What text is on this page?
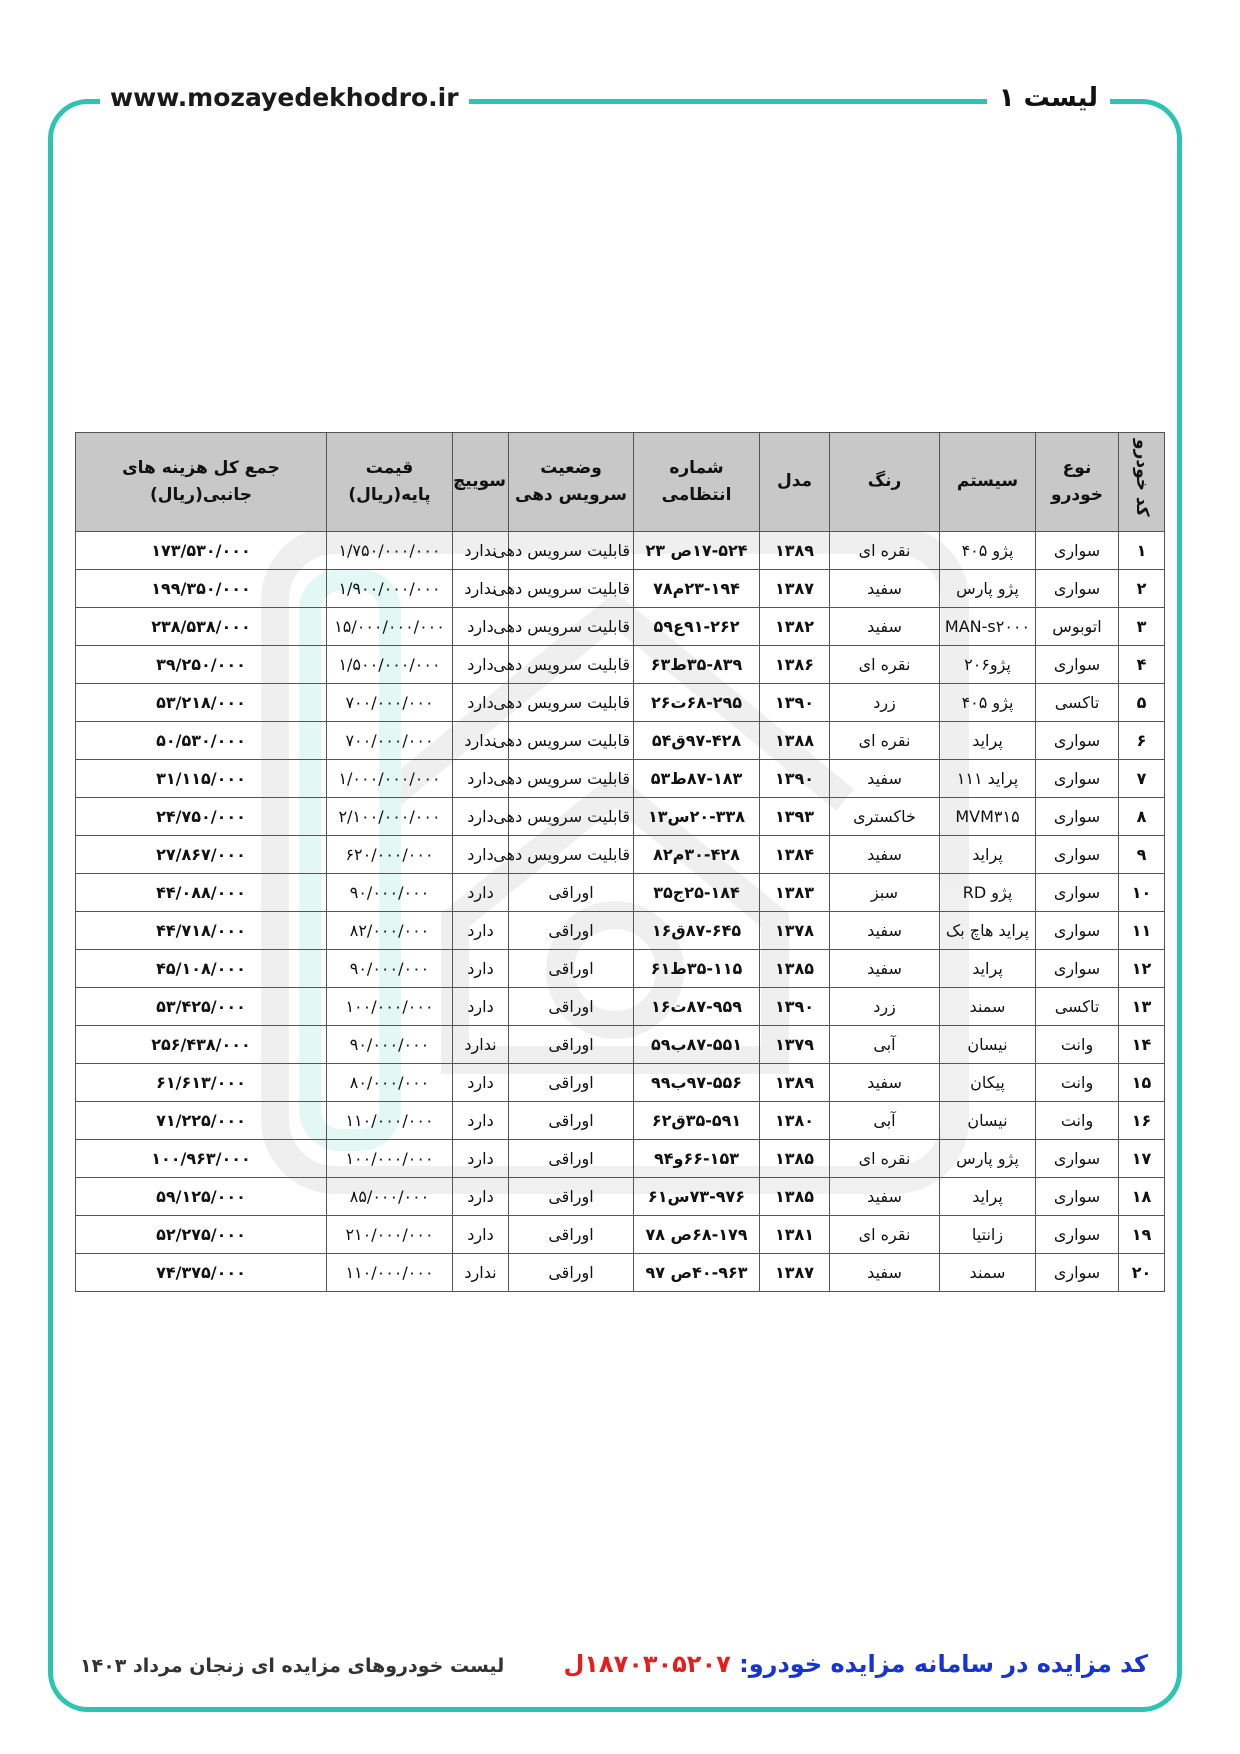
www.mozayedekhodro.ir	لیست ۱
کد خودرو	نوع خودرو	سیستم	رنگ	مدل	شماره انتظامی	وضعیت سرویس دهی	سوییچ	قیمت پایه(ریال)	جمع کل هزینه های جانبی(ریال)
۱	سواری	پژو ۴۰۵	نقره ای	۱۳۸۹	۱۷-۵۲۴ص ۲۳	قابلیت سرویس دهی	ندارد	۱/۷۵۰/۰۰۰/۰۰۰	۱۷۳/۵۳۰/۰۰۰
۲	سواری	پژو پارس	سفید	۱۳۸۷	۲۳-۱۹۴م۷۸	قابلیت سرویس دهی	ندارد	۱/۹۰۰/۰۰۰/۰۰۰	۱۹۹/۳۵۰/۰۰۰
۳	اتوبوس	MAN-s۲۰۰۰	سفید	۱۳۸۲	۹۱-۲۶۲ع۵۹	قابلیت سرویس دهی	دارد	۱۵/۰۰۰/۰۰۰/۰۰۰	۲۳۸/۵۳۸/۰۰۰
۴	سواری	پژو۲۰۶	نقره ای	۱۳۸۶	۳۵-۸۳۹ط۶۳	قابلیت سرویس دهی	دارد	۱/۵۰۰/۰۰۰/۰۰۰	۳۹/۲۵۰/۰۰۰
۵	تاکسی	پژو ۴۰۵	زرد	۱۳۹۰	۶۸-۲۹۵ت۲۶	قابلیت سرویس دهی	دارد	۷۰۰/۰۰۰/۰۰۰	۵۳/۲۱۸/۰۰۰
۶	سواری	پراید	نقره ای	۱۳۸۸	۹۷-۴۲۸ق۵۴	قابلیت سرویس دهی	ندارد	۷۰۰/۰۰۰/۰۰۰	۵۰/۵۳۰/۰۰۰
۷	سواری	پراید ۱۱۱	سفید	۱۳۹۰	۸۷-۱۸۳ط۵۳	قابلیت سرویس دهی	دارد	۱/۰۰۰/۰۰۰/۰۰۰	۳۱/۱۱۵/۰۰۰
۸	سواری	MVM۳۱۵	خاکستری	۱۳۹۳	۲۰-۳۳۸س۱۳	قابلیت سرویس دهی	دارد	۲/۱۰۰/۰۰۰/۰۰۰	۲۴/۷۵۰/۰۰۰
۹	سواری	پراید	سفید	۱۳۸۴	۳۰-۴۲۸م۸۲	قابلیت سرویس دهی	دارد	۶۲۰/۰۰۰/۰۰۰	۲۷/۸۶۷/۰۰۰
۱۰	سواری	پژو RD	سبز	۱۳۸۳	۲۵-۱۸۴ج۳۵	اوراقی	دارد	۹۰/۰۰۰/۰۰۰	۴۴/۰۸۸/۰۰۰
۱۱	سواری	پراید هاچ بک	سفید	۱۳۷۸	۸۷-۶۴۵ق۱۶	اوراقی	دارد	۸۲/۰۰۰/۰۰۰	۴۴/۷۱۸/۰۰۰
۱۲	سواری	پراید	سفید	۱۳۸۵	۳۵-۱۱۵ط۶۱	اوراقی	دارد	۹۰/۰۰۰/۰۰۰	۴۵/۱۰۸/۰۰۰
۱۳	تاکسی	سمند	زرد	۱۳۹۰	۸۷-۹۵۹ت۱۶	اوراقی	دارد	۱۰۰/۰۰۰/۰۰۰	۵۳/۴۲۵/۰۰۰
۱۴	وانت	نیسان	آبی	۱۳۷۹	۸۷-۵۵۱ب۵۹	اوراقی	ندارد	۹۰/۰۰۰/۰۰۰	۲۵۶/۴۳۸/۰۰۰
۱۵	وانت	پیکان	سفید	۱۳۸۹	۹۷-۵۵۶ب۹۹	اوراقی	دارد	۸۰/۰۰۰/۰۰۰	۶۱/۶۱۳/۰۰۰
۱۶	وانت	نیسان	آبی	۱۳۸۰	۳۵-۵۹۱ق۶۲	اوراقی	دارد	۱۱۰/۰۰۰/۰۰۰	۷۱/۲۲۵/۰۰۰
۱۷	سواری	پژو پارس	نقره ای	۱۳۸۵	۶۶-۱۵۳و۹۴	اوراقی	دارد	۱۰۰/۰۰۰/۰۰۰	۱۰۰/۹۶۳/۰۰۰
۱۸	سواری	پراید	سفید	۱۳۸۵	۷۳-۹۷۶س۶۱	اوراقی	دارد	۸۵/۰۰۰/۰۰۰	۵۹/۱۲۵/۰۰۰
۱۹	سواری	زانتیا	نقره ای	۱۳۸۱	۶۸-۱۷۹ص ۷۸	اوراقی	دارد	۲۱۰/۰۰۰/۰۰۰	۵۲/۲۷۵/۰۰۰
۲۰	سواری	سمند	سفید	۱۳۸۷	۴۰-۹۶۳ص ۹۷	اوراقی	ندارد	۱۱۰/۰۰۰/۰۰۰	۷۴/۳۷۵/۰۰۰
لیست خودروهای مزایده ای زنجان مرداد ۱۴۰۳	کد مزایده در سامانه مزایده خودرو: ۱۸۷۰۳۰۵۲۰۷ل
